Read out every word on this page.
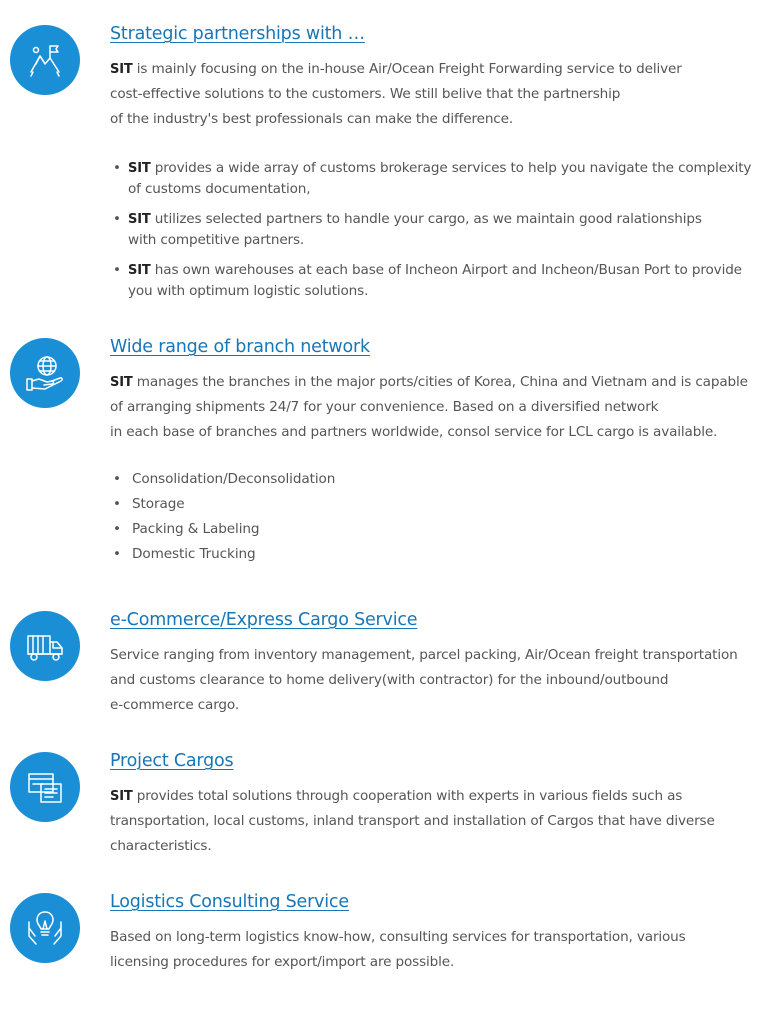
Strategic partnerships with …
SIT is mainly focusing on the in-house Air/Ocean Freight Forwarding service to deliver
cost-effective solutions to the customers. We still belive that the partnership
of the industry's best professionals can make the difference.
• SIT provides a wide array of customs brokerage services to help you navigate the complexity
of customs documentation,
• SIT utilizes selected partners to handle your cargo, as we maintain good ralationships
with competitive partners.
• SIT has own warehouses at each base of Incheon Airport and Incheon/Busan Port to provide
you with optimum logistic solutions.
Wide range of branch network
SIT manages the branches in the major ports/cities of Korea, China and Vietnam and is capable
of arranging shipments 24/7 for your convenience. Based on a diversified network
in each base of branches and partners worldwide, consol service for LCL cargo is available.
• Consolidation/Deconsolidation
• Storage
• Packing & Labeling
• Domestic Trucking
e-Commerce/Express Cargo Service
Service ranging from inventory management, parcel packing, Air/Ocean freight transportation
and customs clearance to home delivery(with contractor) for the inbound/outbound
e-commerce cargo.
Project Cargos
SIT provides total solutions through cooperation with experts in various fields such as
transportation, local customs, inland transport and installation of Cargos that have diverse
characteristics.
Logistics Consulting Service
Based on long-term logistics know-how, consulting services for transportation, various
licensing procedures for export/import are possible.
